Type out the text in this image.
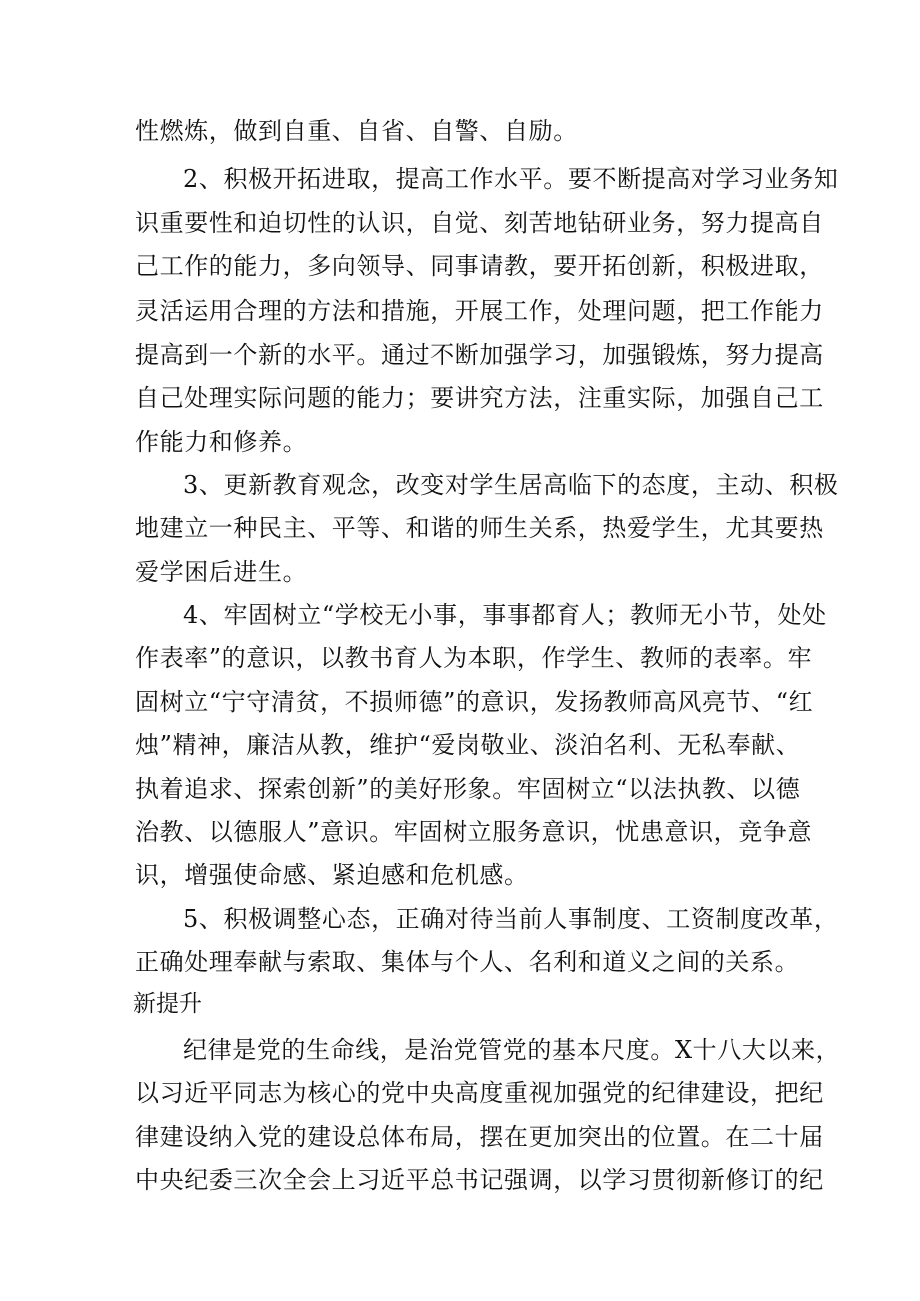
性燃炼，做到自重、自省、自警、自励。
2、积极开拓进取，提高工作水平。要不断提高对学习业务知
识重要性和迫切性的认识，自觉、刻苦地钻研业务，努力提高自
己工作的能力，多向领导、同事请教，要开拓创新，积极进取，
灵活运用合理的方法和措施，开展工作，处理问题，把工作能力
提高到一个新的水平。通过不断加强学习，加强锻炼，努力提高
自己处理实际问题的能力；要讲究方法，注重实际，加强自己工
作能力和修养。
3、更新教育观念，改变对学生居高临下的态度，主动、积极
地建立一种民主、平等、和谐的师生关系，热爱学生，尤其要热
爱学困后进生。
4、牢固树立“学校无小事，事事都育人；教师无小节，处处
作表率”的意识，以教书育人为本职，作学生、教师的表率。牢
固树立“宁守清贫，不损师德”的意识，发扬教师高风亮节、“红
烛”精神，廉洁从教，维护“爱岗敬业、淡泊名利、无私奉献、
执着追求、探索创新”的美好形象。牢固树立“以法执教、以德
治教、以德服人”意识。牢固树立服务意识，忧患意识，竞争意
识，增强使命感、紧迫感和危机感。
5、积极调整心态，正确对待当前人事制度、工资制度改革，
正确处理奉献与索取、集体与个人、名利和道义之间的关系。
新提升
纪律是党的生命线，是治党管党的基本尺度。X十八大以来，
以习近平同志为核心的党中央高度重视加强党的纪律建设，把纪
律建设纳入党的建设总体布局，摆在更加突出的位置。在二十届
中央纪委三次全会上习近平总书记强调，以学习贯彻新修订的纪
